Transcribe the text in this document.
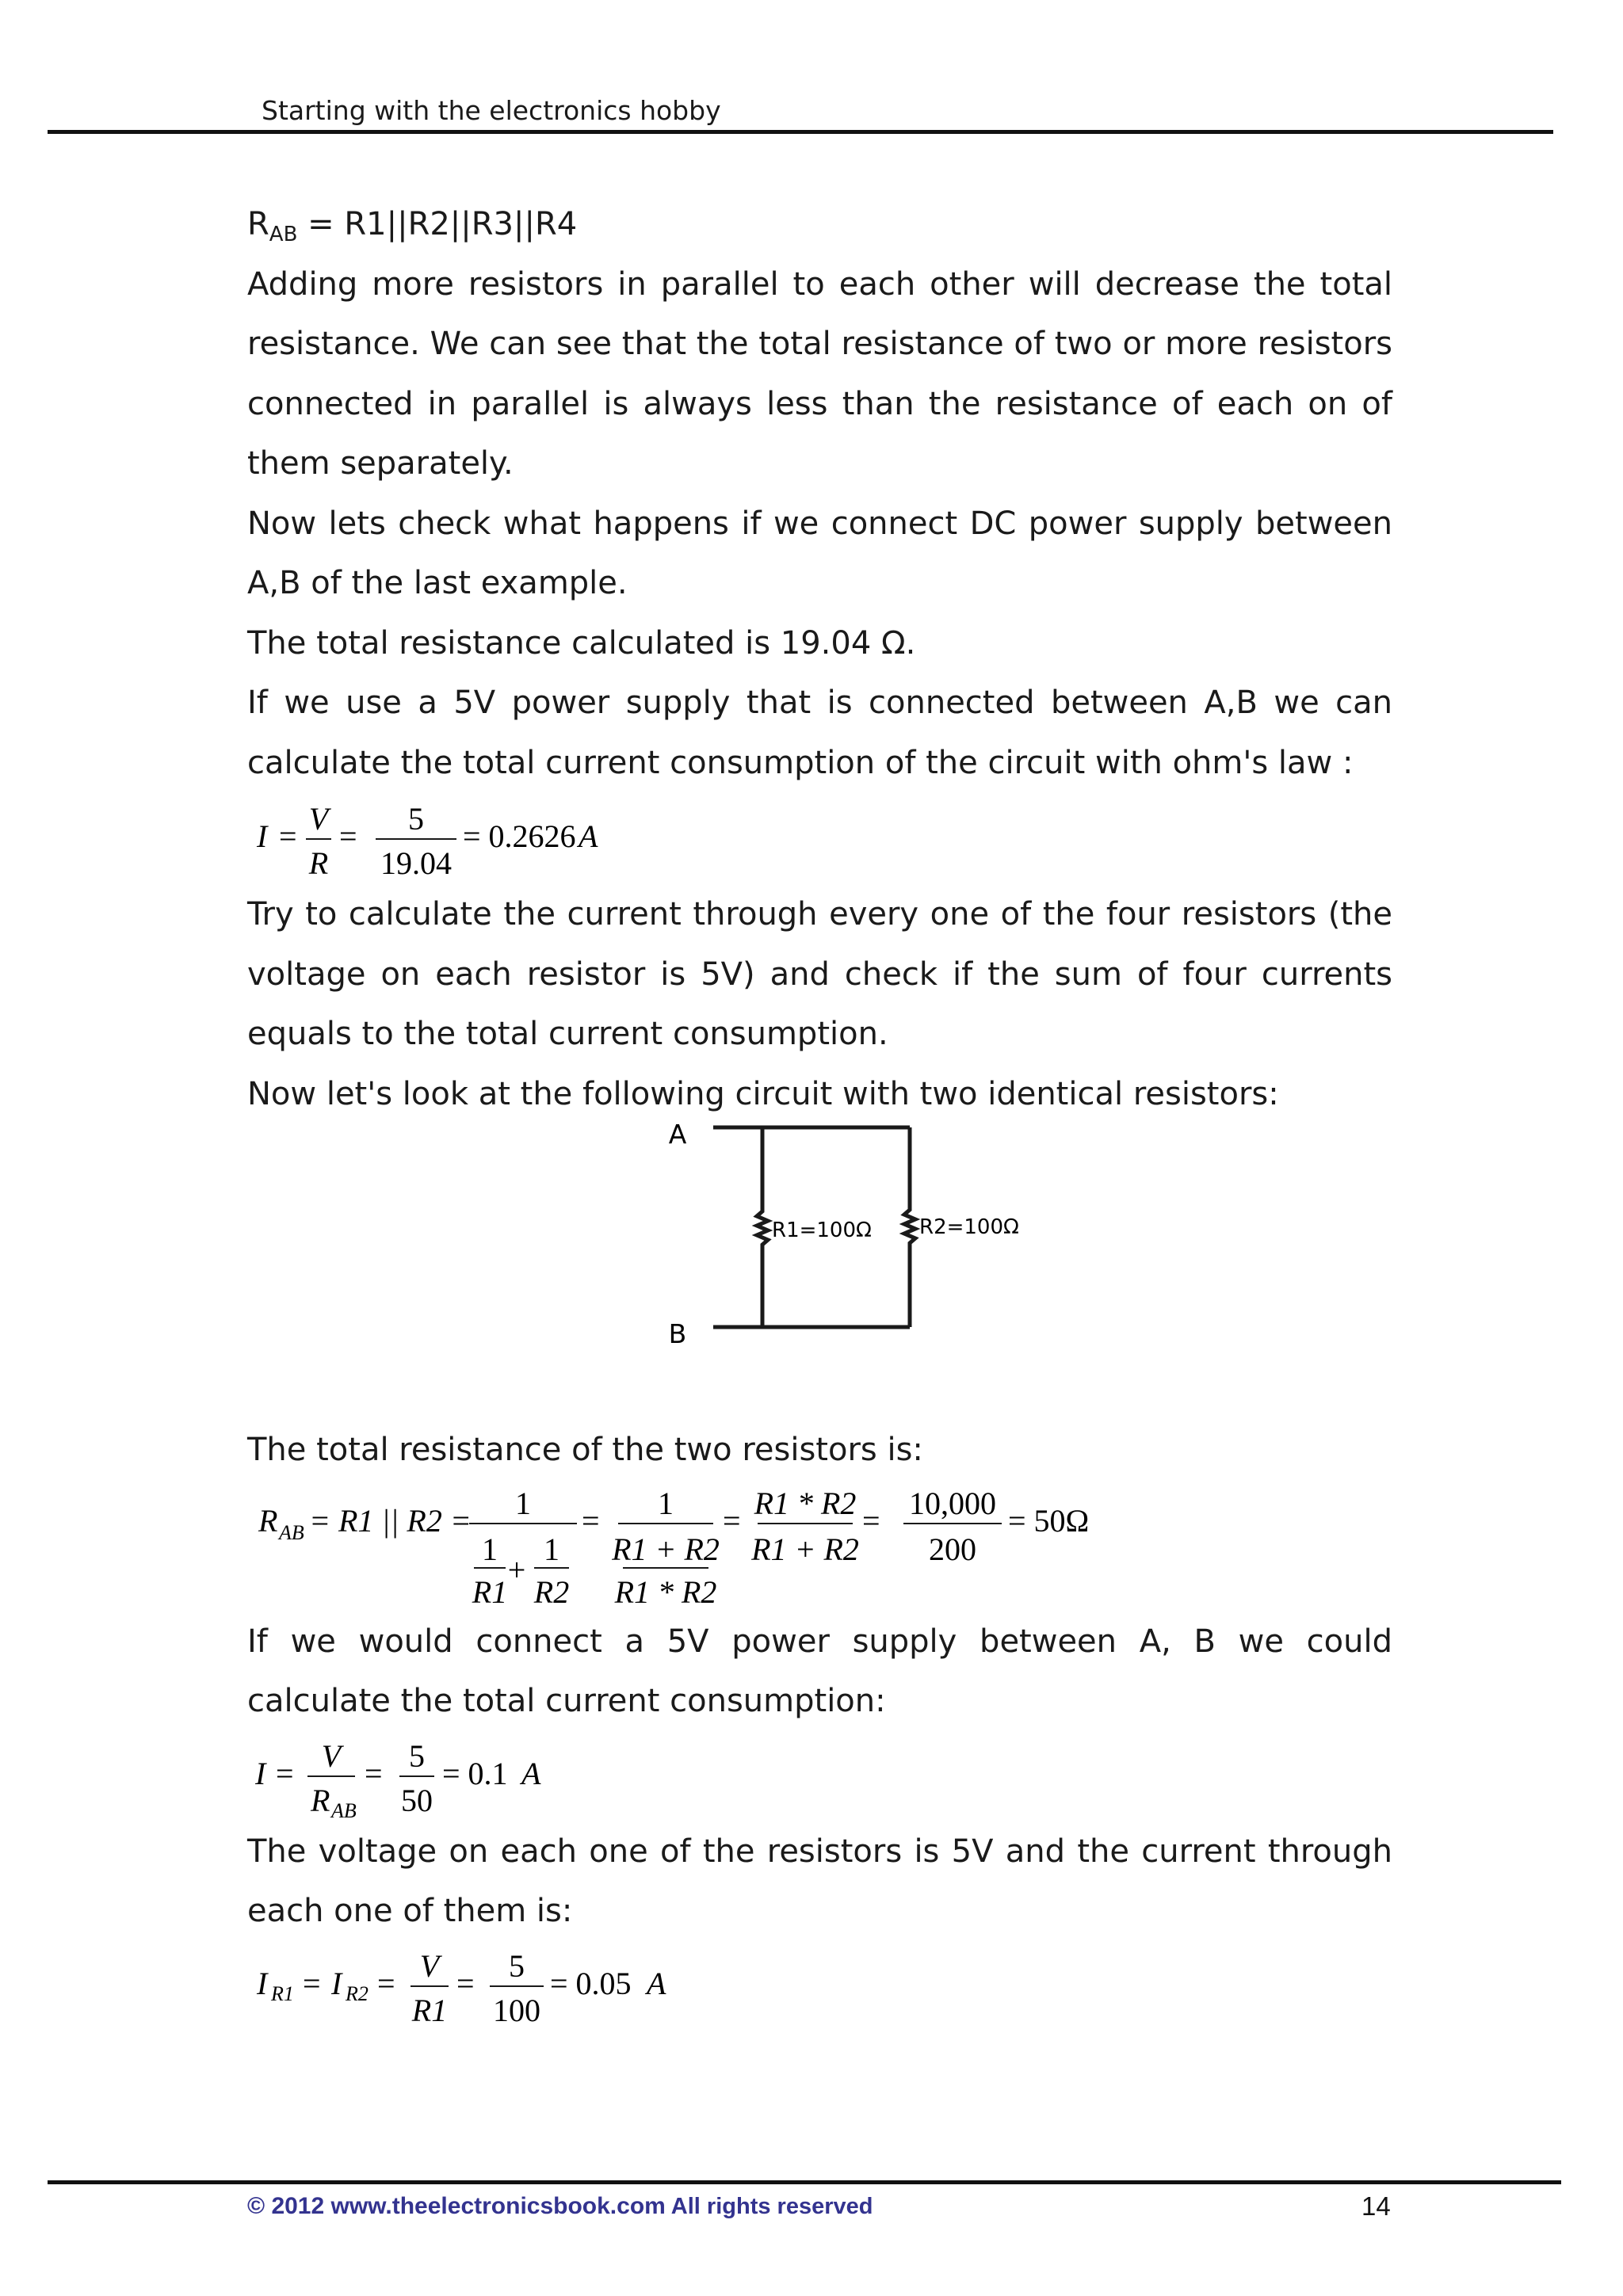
Starting with the electronics hobby

$R_{AB} = R1||R2||R3||R4$

Adding more resistors in parallel to each other will decrease the total resistance. We can see that the total resistance of two or more resistors connected in parallel is always less than the resistance of each on of them separately.

Now lets check what happens if we connect DC power supply between A,B of the last example.

The total resistance calculated is 19.04 Ω.

If we use a 5V power supply that is connected between A,B we can calculate the total current consumption of the circuit with ohm's law :

I = V
R
= 5
19.04
= 0.2626 A

Try to calculate the current through every one of the four resistors (the voltage on each resistor is 5V) and check if the sum of four currents equals to the total current consumption.

Now let's look at the following circuit with two identical resistors:

A
B
R1=100Ω R2=100Ω

The total resistance of the two resistors is:

R AB = R1 || R2 = 1
1
R1
+
1
R2
= 1
R1 + R2
R1 * R2
= R1 * R2
R1 + R2
= 10,000
200
= 50Ω

If we would connect a 5V power supply between A, B we could calculate the total current consumption:

I = V
R AB
= 5
50
= 0.1 A

The voltage on each one of the resistors is 5V and the current through each one of them is:

I R1 = I R2 = V
R1
= 5
100
= 0.05 A
© 2012 www.theelectronicsbook.com All rights reserved	14
